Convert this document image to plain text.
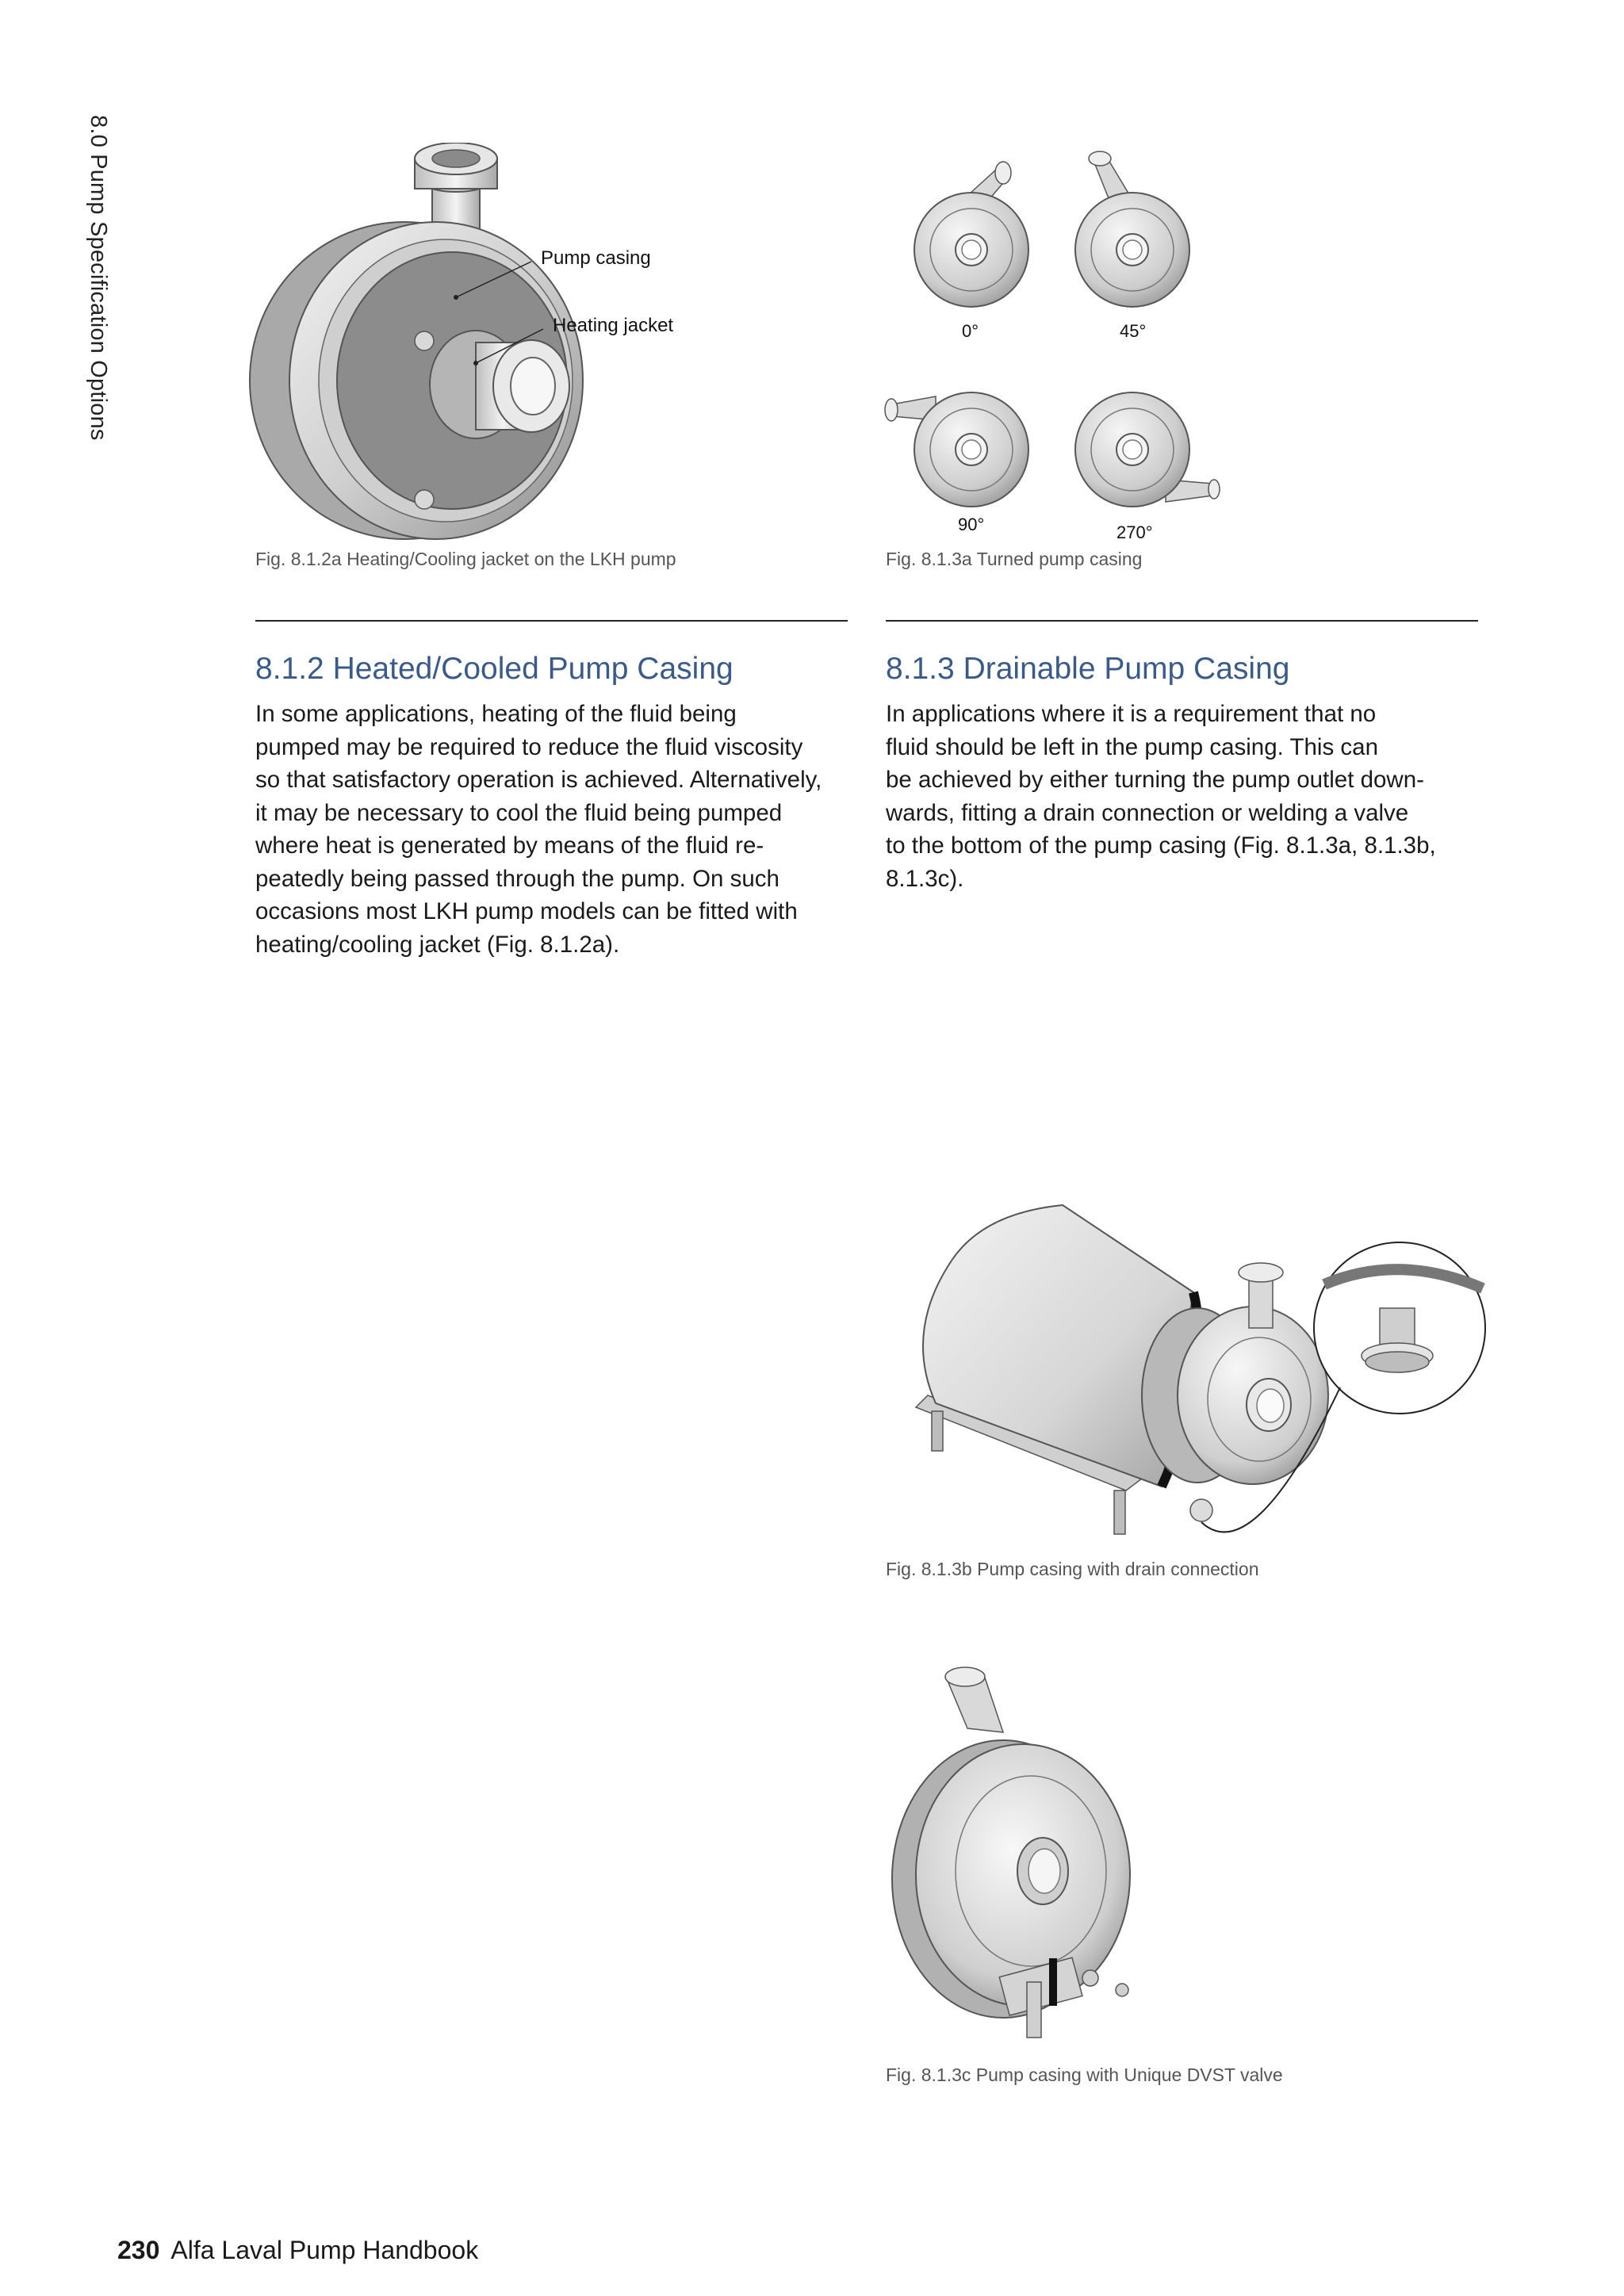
8.0 Pump Specification Options	Pump casing
Heating jacket
Fig. 8.1.2a Heating/Cooling jacket on the LKH pump
0°	45°
90°	270°
Fig. 8.1.3a Turned pump casing
8.1.2 Heated/Cooled Pump Casing
In some applications, heating of the fluid being
pumped may be required to reduce the fluid viscosity
so that satisfactory operation is achieved. Alternatively,
it may be necessary to cool the fluid being pumped
where heat is generated by means of the fluid re-
peatedly being passed through the pump. On such
occasions most LKH pump models can be fitted with
heating/cooling jacket (Fig. 8.1.2a).
8.1.3 Drainable Pump Casing
In applications where it is a requirement that no
fluid should be left in the pump casing. This can
be achieved by either turning the pump outlet down-
wards, fitting a drain connection or welding a valve
to the bottom of the pump casing (Fig. 8.1.3a, 8.1.3b,
8.1.3c).
Fig. 8.1.3b Pump casing with drain connection
Fig. 8.1.3c Pump casing with Unique DVST valve
230 Alfa Laval Pump Handbook
